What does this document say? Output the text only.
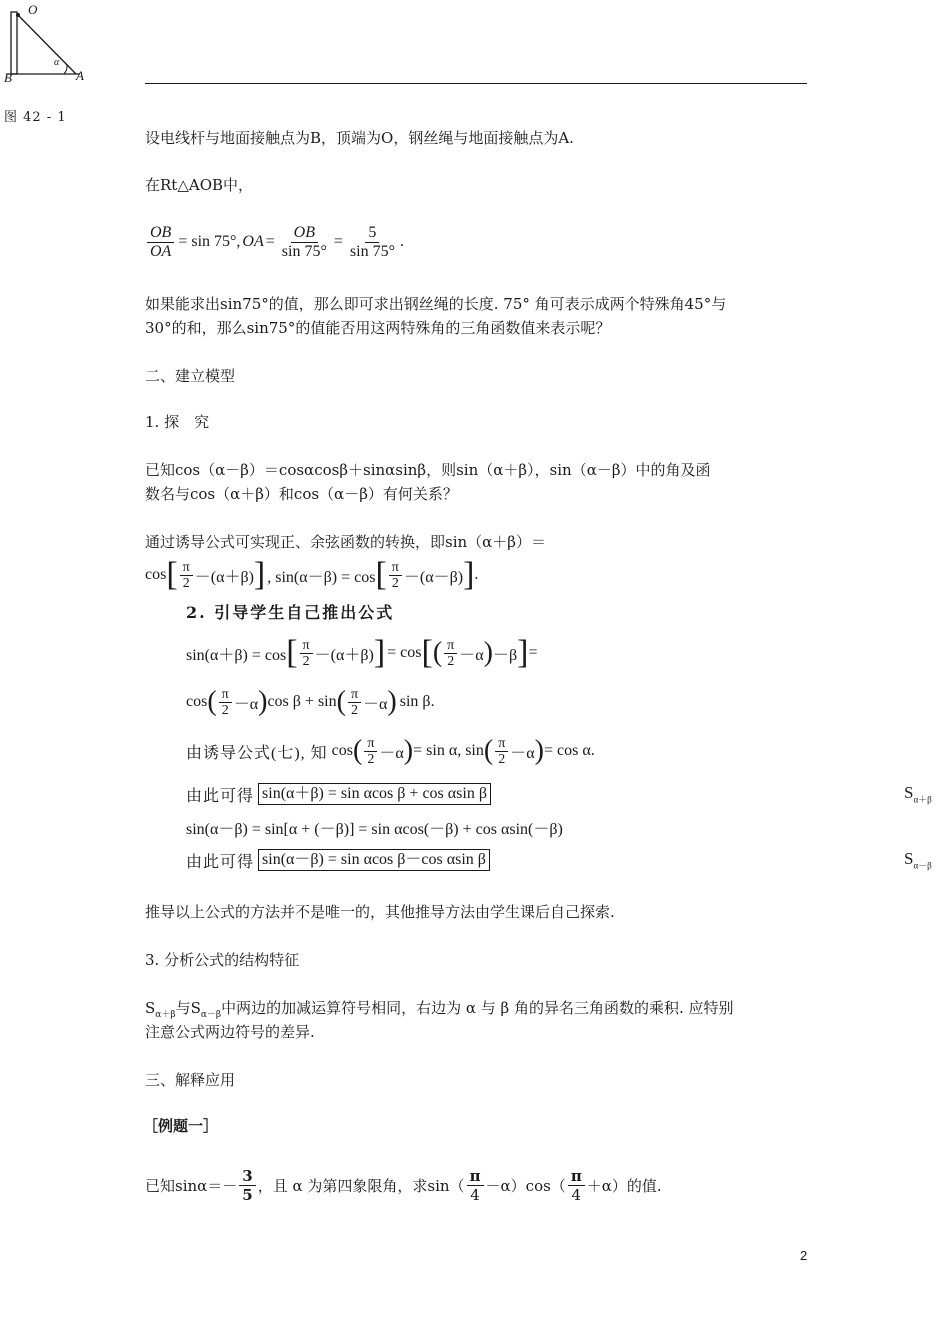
O
B	A
α
图 42 - 1
设电线杆与地面接触点为B，顶端为O，钢丝绳与地面接触点为A.
在Rt△AOB中，
$\frac{OB}{OA} = \sin 75^\circ$, OA = $\frac{OB}{\sin 75^\circ} = \frac{5}{\sin 75^\circ}$ .
如果能求出sin75°的值，那么即可求出钢丝绳的长度. 75° 角可表示成两个特殊角45°与
30°的和，那么sin75°的值能否用这两特殊角的三角函数值来表示呢？
二、建立模型
1. 探　究
已知cos（α－β）＝cosαcosβ＋sinαsinβ，则sin（α＋β），sin（α－β）中的角及函
数名与cos（α＋β）和cos（α－β）有何关系？
通过诱导公式可实现正、余弦函数的转换，即sin（α＋β）＝
cos [ $\frac{\pi}{2} -(\alpha+\beta)$ ] , sin(α－β) = cos [ $\frac{\pi}{2} -(\alpha-\beta)$ ] .
2. 引导学生自己推出公式
sin(α＋β) = cos [ $\frac{\pi}{2} -(\alpha+\beta)$ ] = cos [ ( $\frac{\pi}{2} -\alpha$ ) －β ] =
cos ( $\frac{\pi}{2} -\alpha$ ) cos β + sin ( $\frac{\pi}{2} -\alpha$ ) sin β.
由诱导公式(七), 知 cos ( $\frac{\pi}{2} -\alpha$ ) = sin α, sin ( $\frac{\pi}{2} -\alpha$ ) = cos α.
由此可得 sin(α＋β) = sin αcos β + cos αsin β	$S_{\alpha+\beta}$
sin(α－β) = sin[α + (－β)] = sin αcos(－β) + cos αsin(－β)
由此可得 sin(α－β) = sin αcos β－cos αsin β	$S_{\alpha-\beta}$
推导以上公式的方法并不是唯一的，其他推导方法由学生课后自己探索.
3. 分析公式的结构特征
$S_{\alpha+\beta}$与$S_{\alpha-\beta}$中两边的加减运算符号相同，右边为 α 与 β 角的异名三角函数的乘积. 应特别
注意公式两边符号的差异.
三、解释应用
［例题一］
已知$\sin\alpha=- \frac{3}{5}$ ，且 α 为第四象限角，求$\sin( \frac{\pi}{4} -\alpha)\cos( \frac{\pi}{4} +\alpha)$的值.
2
